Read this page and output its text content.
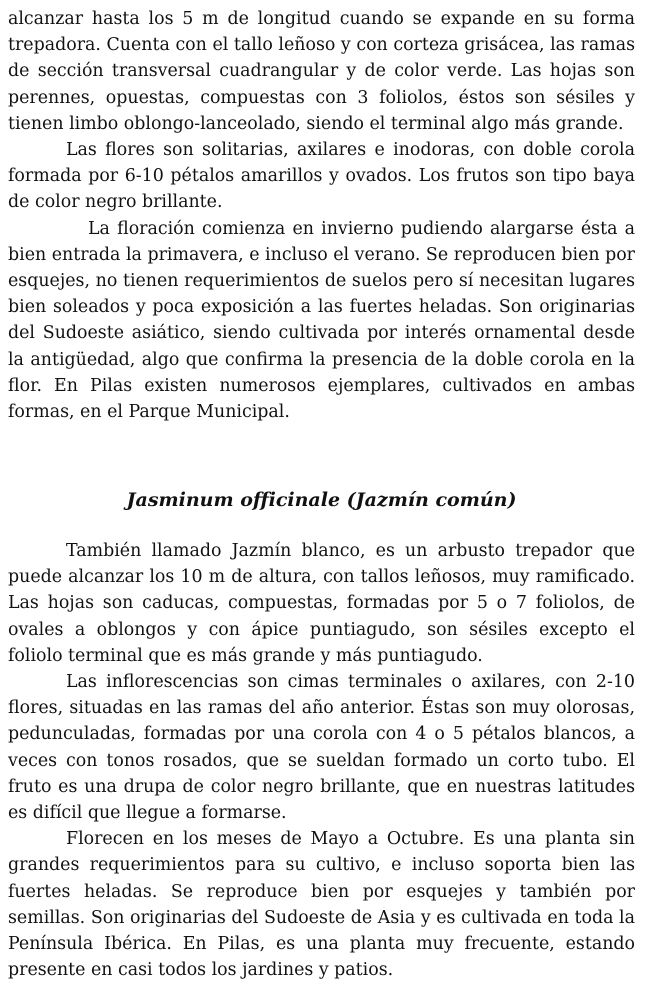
alcanzar hasta los 5 m de longitud cuando se expande en su forma trepadora. Cuenta con el tallo leñoso y con corteza grisácea, las ramas de sección transversal cuadrangular y de color verde. Las hojas son perennes, opuestas, compuestas con 3 foliolos, éstos son sésiles y tienen limbo oblongo-lanceolado, siendo el terminal algo más grande.

Las flores son solitarias, axilares e inodoras, con doble corola formada por 6-10 pétalos amarillos y ovados. Los frutos son tipo baya de color negro brillante.

La floración comienza en invierno pudiendo alargarse ésta a bien entrada la primavera, e incluso el verano. Se reproducen bien por esquejes, no tienen requerimientos de suelos pero sí necesitan lugares bien soleados y poca exposición a las fuertes heladas. Son originarias del Sudoeste asiático, siendo cultivada por interés ornamental desde la antigüedad, algo que confirma la presencia de la doble corola en la flor. En Pilas existen numerosos ejemplares, cultivados en ambas formas, en el Parque Municipal.

Jasminum officinale (Jazmín común)

También llamado Jazmín blanco, es un arbusto trepador que puede alcanzar los 10 m de altura, con tallos leñosos, muy ramificado. Las hojas son caducas, compuestas, formadas por 5 o 7 foliolos, de ovales a oblongos y con ápice puntiagudo, son sésiles excepto el foliolo terminal que es más grande y más puntiagudo.

Las inflorescencias son cimas terminales o axilares, con 2-10 flores, situadas en las ramas del año anterior. Éstas son muy olorosas, pedunculadas, formadas por una corola con 4 o 5 pétalos blancos, a veces con tonos rosados, que se sueldan formado un corto tubo. El fruto es una drupa de color negro brillante, que en nuestras latitudes es difícil que llegue a formarse.

Florecen en los meses de Mayo a Octubre. Es una planta sin grandes requerimientos para su cultivo, e incluso soporta bien las fuertes heladas. Se reproduce bien por esquejes y también por semillas. Son originarias del Sudoeste de Asia y es cultivada en toda la Península Ibérica. En Pilas, es una planta muy frecuente, estando presente en casi todos los jardines y patios.
